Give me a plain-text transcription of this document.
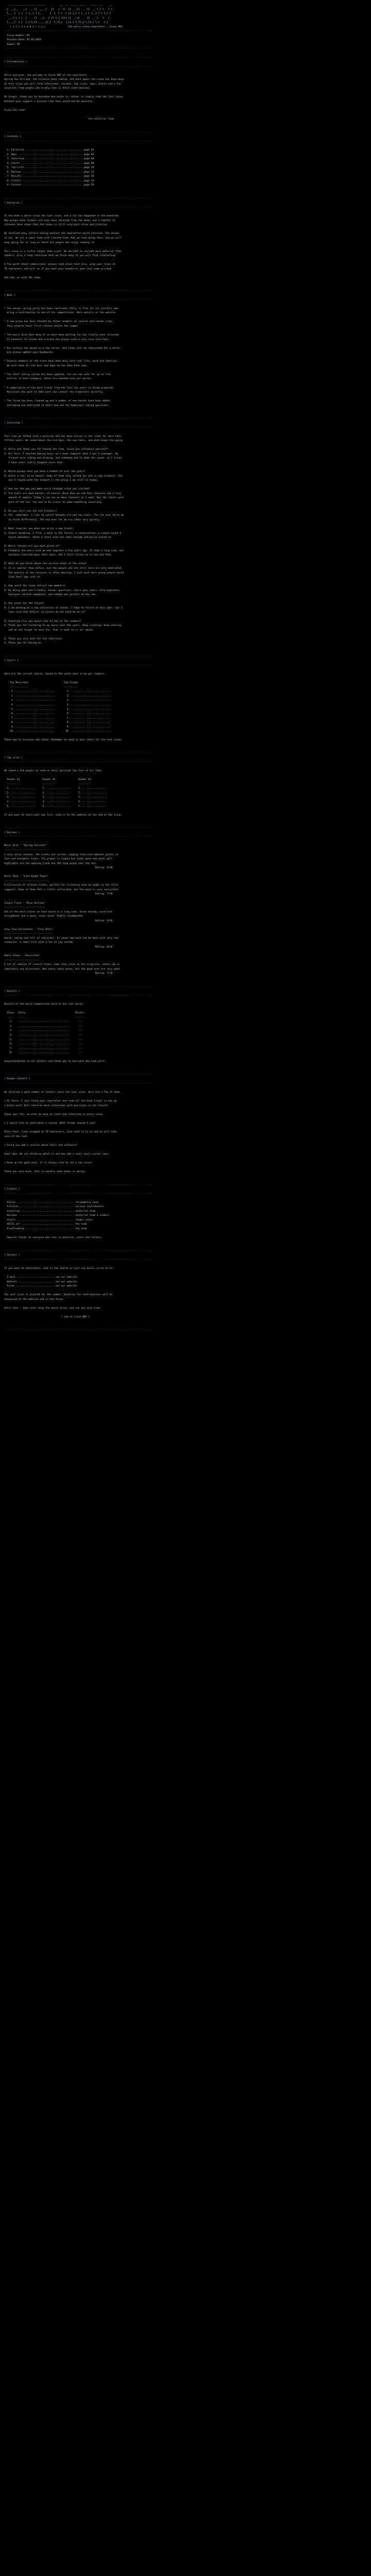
____ _______ _____  ______          __  __  ____  _____  _____  __     __
/ ___|__   __|  __ \|  ____|   /\   |  \/  ||  _ \|  __ \|  __ \ \ \   / /
\___ \  | |  | |__) | |__     /  \  | \  / || |_) | |__) | |__) | \ \_/ /
___) | | |  |  _  /|  __|   / /\ \ | |\/| ||  _ <|  _  /|  _  /   \   /
|____/  |_|  |_| \_\|______|/_/  \_\|_|  |_||_| \_\|_| \_\|_| \_\   |_|
[ s t r e a m b e r r y ]                the music scene newsletter - Issue #05
--------------------------------------------------------------------------------------------------------
Issue Number: 05
Release Date: 01.05.2010
Pages: 20
--------------------------------------------------------------------------------------------------------

--------------------------------------------------------------------------------------------------------
[ Introduction ]
--------------------------------------------------------------------------------------------------------

Hello everyone, and welcome to Issue #05 of the newsletter.
Spring has arrived, the releases keep coming, and once again the scene has been busy.
In this issue you will find interviews, reviews, top lists, news, charts and a few
surprises from people who kindly sent us their contributions.

As always, thank you to everyone who wrote in, voted, or simply read the last issue.
Without your support a project like this would not be possible.

Enjoy the read!

- the editorial team

--------------------------------------------------------------------------------------------------------
[ Contents ]
--------------------------------------------------------------------------------------------------------

1. Editorial ........................................ page 01
2. News ............................................. page 02
3. Interview ........................................ page 04
4. Charts ........................................... page 08
5. Top Lists ........................................ page 10
6. Reviews .......................................... page 12
7. Results .......................................... page 16
8. Credits .......................................... page 19
9. Contact .......................................... page 20

--------------------------------------------------------------------------------------------------------
[ Editorial ]
--------------------------------------------------------------------------------------------------------

It has been a while since the last issue, and a lot has happened in the meantime.
New groups have formed, old ones have returned from the dead, and a handful of
releases have shown that the scene is still very much alive and creative.

We received many letters asking whether the newsletter would continue. The answer
is yes. We are a small team with limited time, but we love doing this, and we will
keep going for as long as there are people who enjoy reading it.

This issue is a little longer than usual. We decided to include more material from
readers, plus a long interview that we think many of you will find interesting.

A few words about submissions: please send plain text only, wrap your lines at
78 characters and tell us if you want your handle or your real name printed.

And now, on with the show.

--------------------------------------------------------------------------------------------------------
[ News ]
--------------------------------------------------------------------------------------------------------

* The annual spring party has been confirmed. Entry is free for all visitors who
bring a contribution to one of the competitions. More details on the website.

* A new group has been founded by former members of several well-known crews.
They promise their first release before the summer.

* The music disk that many of us have been waiting for has finally been released.
It contains 14 tracks and a brand new player with a very nice interface.

* Our archive has moved to a new server. Old links will be redirected for a while,
but please update your bookmarks.

* Several members of the scene have been busy with real life, work and families.
We wish them all the best and hope to see them back soon.

* The chart voting system has been updated. You can now vote for up to five
entries in each category. Votes are counted once per person.

* A compilation of the best tracks from the last two years is being prepared.
Musicians who want to take part can contact the organisers directly.

* The forum has been cleaned up and a number of new boards have been added,
including one dedicated to tools and one for beginners asking questions.

--------------------------------------------------------------------------------------------------------
[ Interview ]
--------------------------------------------------------------------------------------------------------

This time we talked with a musician who has been active in the scene for more than
fifteen years. We asked about the old days, the new tools, and what keeps him going.

Q: Hello and thank you for taking the time. Could you introduce yourself?
A: Hi! Sure. I started making music on a home computer when I was a teenager. My
friends were coding and drawing, and somebody had to make the sound, so I tried.
I have never really stopped since then.

Q: Which groups have you been a member of over the years?
A: Quite a few, to be honest. Some of them only lasted for one or two releases. The
one I stayed with the longest is the group I am still in today.

Q: How has the way you make music changed since you started?
A: The tools are much better, of course. Back then we had four channels and a tiny
amount of memory. Today I can use as many channels as I want. But the limits were
part of the fun. You had to be clever to make something sound big.

Q: Do you still use the old trackers?
A: Yes, sometimes. I like to switch between old and new tools. The old ones force me
to think differently. The new ones let me try ideas very quickly.

Q: What inspires you when you write a new track?
A: Almost anything. A film, a walk in the forest, a conversation, a single sound I
heard somewhere. Often I start with one small melody and build around it.

Q: Which release are you most proud of?
A: Probably the music disk we did together a few years ago. It took a long time, but
everyone involved gave their best, and I still listen to it now and then.

Q: What do you think about the current state of the scene?
A: It is smaller than before, but the people who are still here are very dedicated.
The quality of the releases is often amazing. I just wish more young people would
find their way into it.

Q: How could the scene attract new members?
A: By being open and friendly. Answer questions, share your tools, help beginners.
Everyone started somewhere, and nobody was perfect on day one.

Q: Any plans for the future?
A: I am working on a new collection of tracks. I hope to finish it this year, but I
have said that before, so please do not hold me to it!

Q: Anything else you would like to say to the readers?
A: Thank you for listening to my music over the years. Keep creating, keep sharing,
and do not forget to have fun. That is what it is all about.

Q: Thank you very much for the interview!
A: Thank you for having me.

--------------------------------------------------------------------------------------------------------
[ Charts ]
--------------------------------------------------------------------------------------------------------

Here are the current charts, based on the votes sent in by our readers.

Top Musicians                         Top Groups
-------------                         ----------
1. ............................        1. ............................
2. ............................        2. ............................
3. ............................        3. ............................
4. ............................        4. ............................
5. ............................        5. ............................
6. ............................        6. ............................
7. ............................        7. ............................
8. ............................        8. ............................
9. ............................        9. ............................
10. ............................       10. ............................

Thank you to everyone who voted. Remember to send in your votes for the next issue.

--------------------------------------------------------------------------------------------------------
[ Top Lists ]
--------------------------------------------------------------------------------------------------------

We asked a few people to send us their personal top five of all time.

Reader #1                Reader #2                Reader #3
---------                ---------                ---------
1. .................     1. .................     1. .................
2. .................     2. .................     2. .................
3. .................     3. .................     3. .................
4. .................     4. .................     4. .................
5. .................     5. .................     5. .................

If you want to share your own list, send it to the address at the end of the issue.

--------------------------------------------------------------------------------------------------------
[ Reviews ]
--------------------------------------------------------------------------------------------------------

Music Disk - "Spring Sessions"
-------------------------------
A very solid release. The tracks are varied, ranging from calm ambient pieces to
fast and energetic tunes. The player is simple but looks good and works well.
Highlights are the opening track and the long piece near the end.
Rating: 8/10

Music Pack - "Late Night Tapes"
-------------------------------
A collection of relaxed tracks, perfect for listening late at night as the title
suggests. Some of them feel a little unfinished, but the mood is very consistent.
Rating: 7/10

Single Track - "Blue Horizon"
-----------------------------
One of the best tracks we have heard in a long time. Great melody, excellent
arrangement and a warm, clean sound. Highly recommended.
Rating: 9/10

Chip Tune Collection - "Tiny Bits"
----------------------------------
Short, catchy and full of character. It shows how much can be done with very few
resources. A small file with a lot of joy inside.
Rating: 8/10

Remix Album - "Revisited"
-------------------------
A set of remixes of classic tunes. Some stay close to the originals, others go in
completely new directions. Not every remix works, but the good ones are very good.
Rating: 7/10

--------------------------------------------------------------------------------------------------------
[ Results ]
--------------------------------------------------------------------------------------------------------

Results of the music competition held at the last party:

Place   Entry                                   Points
-----   -----                                   ------
1.    ....................................      ---
2.    ....................................      ---
3.    ....................................      ---
4.    ....................................      ---
5.    ....................................      ---
6.    ....................................      ---
7.    ....................................      ---
8.    ....................................      ---

Congratulations to all winners and thank you to everyone who took part!

--------------------------------------------------------------------------------------------------------
[ Reader Letters ]
--------------------------------------------------------------------------------------------------------

We received a good number of letters since the last issue. Here are a few of them.

> Hi there, I just found your newsletter and read all the back issues in one go.
> Great work! Will there be more interviews with musicians in the future?

Thank you! Yes, we plan to have at least one interview in every issue.

> I would like to contribute a review. What format should I use?

Plain text, lines wrapped at 78 characters. Just send it to us and we will take
care of the rest.

> Could you add a section about tools and software?

Good idea. We are thinking about it and may add a small tools corner soon.

> Keep up the good work, it is always nice to see a new issue!

Thank you very much, that is exactly what keeps us going.

--------------------------------------------------------------------------------------------------------
[ Credits ]
--------------------------------------------------------------------------------------------------------

Editor ........................................ streamberry team
Articles ...................................... various contributors
Interview ..................................... editorial team
Reviews ....................................... editorial team & readers
Charts ........................................ reader votes
ASCII art ..................................... the team
Proofreading .................................. the team

Special thanks to everyone who sent in material, votes and letters.

--------------------------------------------------------------------------------------------------------
[ Contact ]
--------------------------------------------------------------------------------------------------------

If you want to contribute, vote in the charts or just say hello, write to us:

E-mail .......................... see our website
Website ......................... see our website
Forum ........................... see our website

The next issue is planned for the summer. Deadline for contributions will be
announced on the website and in the forum.

Until then - take care, keep the music alive, and see you next time!

[ end of issue #05 ]

--------------------------------------------------------------------------------------------------------
